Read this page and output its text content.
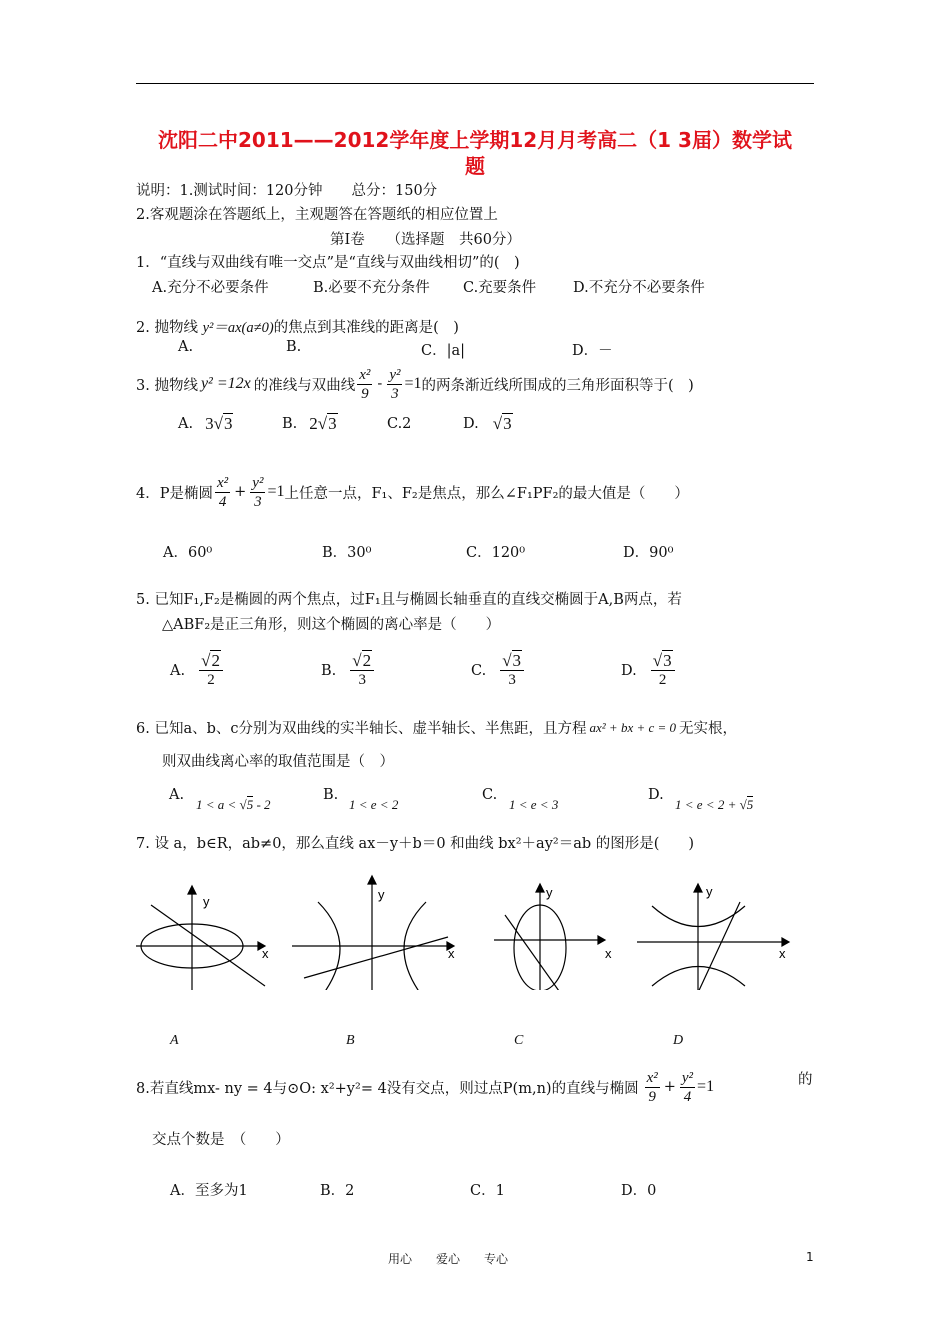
沈阳二中2011——2012学年度上学期12月月考高二（1 3届）数学试
题
说明：1.测试时间：120分钟　　总分：150分
2.客观题涂在答题纸上，主观题答在答题纸的相应位置上
第Ⅰ卷　　（选择题　共60分）
1．“直线与双曲线有唯一交点”是“直线与双曲线相切”的(　)
A.充分不必要条件	B.必要不充分条件 C.充要条件	D.不充分不必要条件
2. 抛物线 y²＝ax(a≠0)的焦点到其准线的距离是(　)
A.	B.	C．|a|	D．－
3. 抛物线 y² =12x 的准线与双曲线 $\frac{\text{x²}}{9} - \frac{\text{y²}}{3} =1$ 的两条渐近线所围成的三角形面积等于(　)
A. 3√3	B. 2√3	C.2	D. √3
4．P是椭圆 $\frac{\text{x²}}{4} + \frac{\text{y²}}{3} =1$ 上任意一点，F₁、F₂是焦点，那么∠F₁PF₂的最大值是（　　）
A．60⁰	B．30⁰	C．120⁰	D．90⁰
5. 已知F₁,F₂是椭圆的两个焦点，过F₁且与椭圆长轴垂直的直线交椭圆于A,B两点，若
△ABF₂是正三角形，则这个椭圆的离心率是（　　）
A. $\frac{√2}{2}$	B. $\frac{√2}{3}$	C. $\frac{√3}{3}$	D. $\frac{√3}{2}$
6. 已知a、b、c分别为双曲线的实半轴长、虚半轴长、半焦距，且方程 ax² + bx + c = 0 无实根，
则双曲线离心率的取值范围是（　）
A.
1 < a < √5 - 2
B.
1 < e < 2
C.
1 < e < 3
D.
1 < e < 2 + √5
7. 设 a，b∈R，ab≠0，那么直线 ax－y＋b＝0 和曲线 bx²＋ay²＝ab 的图形是(　　)
y
x
y
x
y
x
y
x
A	B	C	D
8.若直线mx- ny = 4与⊙O: x²+y²= 4没有交点，则过点P(m,n)的直线与椭圆 $\frac{\text{x²}}{9} + \frac{\text{y²}}{4} =1$	的
交点个数是　（　　）
A．至多为1	B．2	C．1	D．0
用心　　爱心　　专心	1
